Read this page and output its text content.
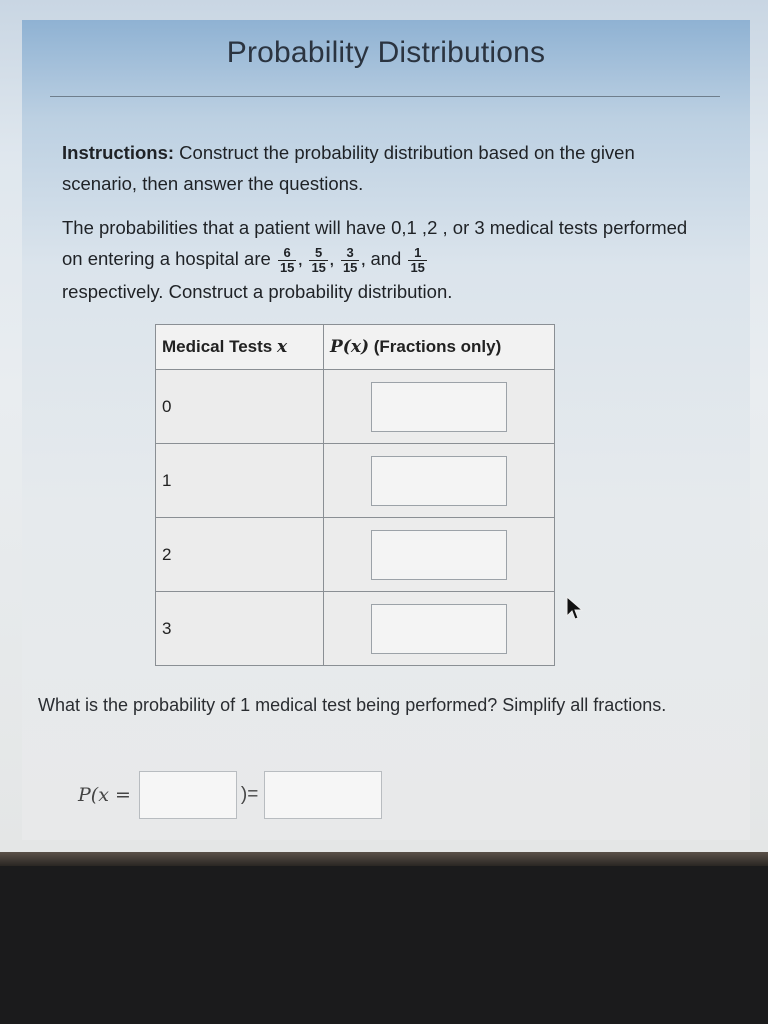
Probability Distributions
Instructions: Construct the probability distribution based on the given scenario, then answer the questions.
The probabilities that a patient will have 0,1 ,2 , or 3 medical tests performed on entering a hospital are $\frac{6}{15}$ , $\frac{5}{15}$ , $\frac{3}{15}$ , and $\frac{1}{15}$

respectively. Construct a probability distribution.
Medical Tests x	P(x) (Fractions only)
0	
1	
2	
3	
What is the probability of 1 medical test being performed? Simplify all fractions.
P(x =	)=
